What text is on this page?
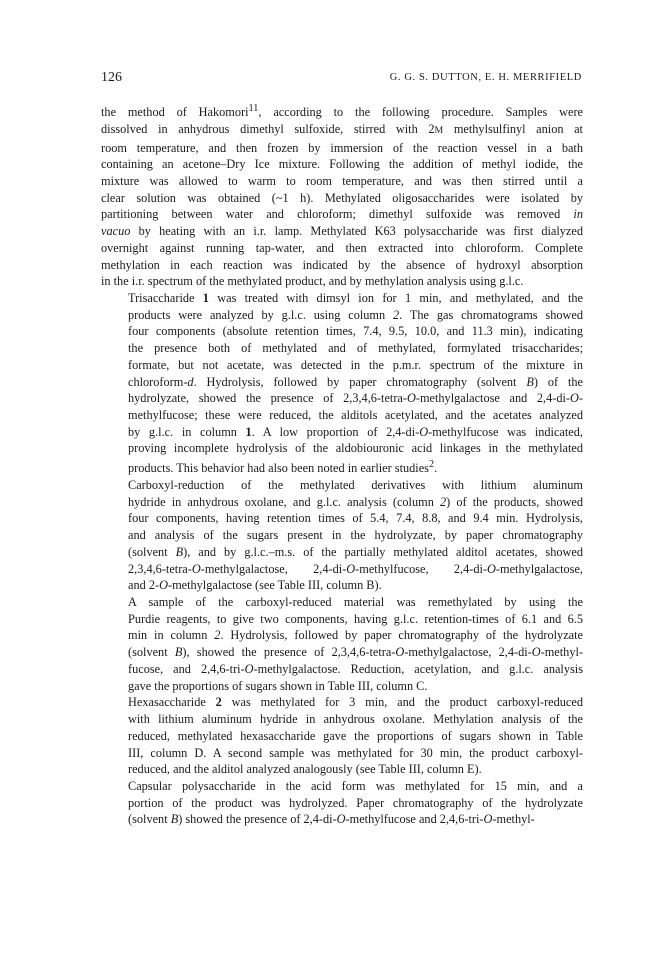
126	G. G. S. DUTTON, E. H. MERRIFIELD
the method of Hakomori$^{11}$, according to the following procedure. Samples were
dissolved in anhydrous dimethyl sulfoxide, stirred with 2M methylsulfinyl anion at
room temperature, and then frozen by immersion of the reaction vessel in a bath
containing an acetone–Dry Ice mixture. Following the addition of methyl iodide, the
mixture was allowed to warm to room temperature, and was then stirred until a
clear solution was obtained (~1 h). Methylated oligosaccharides were isolated by
partitioning between water and chloroform; dimethyl sulfoxide was removed in
vacuo by heating with an i.r. lamp. Methylated K63 polysaccharide was first dialyzed
overnight against running tap-water, and then extracted into chloroform. Complete
methylation in each reaction was indicated by the absence of hydroxyl absorption
in the i.r. spectrum of the methylated product, and by methylation analysis using g.l.c.
Trisaccharide 1 was treated with dimsyl ion for 1 min, and methylated, and the
products were analyzed by g.l.c. using column 2. The gas chromatograms showed
four components (absolute retention times, 7.4, 9.5, 10.0, and 11.3 min), indicating
the presence both of methylated and of methylated, formylated trisaccharides;
formate, but not acetate, was detected in the p.m.r. spectrum of the mixture in
chloroform-d. Hydrolysis, followed by paper chromatography (solvent B) of the
hydrolyzate, showed the presence of 2,3,4,6-tetra-O-methylgalactose and 2,4-di-O-
methylfucose; these were reduced, the alditols acetylated, and the acetates analyzed
by g.l.c. in column 1. A low proportion of 2,4-di-O-methylfucose was indicated,
proving incomplete hydrolysis of the aldobiouronic acid linkages in the methylated
products. This behavior had also been noted in earlier studies$^2$.
Carboxyl-reduction of the methylated derivatives with lithium aluminum
hydride in anhydrous oxolane, and g.l.c. analysis (column 2) of the products, showed
four components, having retention times of 5.4, 7.4, 8.8, and 9.4 min. Hydrolysis,
and analysis of the sugars present in the hydrolyzate, by paper chromatography
(solvent B), and by g.l.c.–m.s. of the partially methylated alditol acetates, showed
2,3,4,6-tetra-O-methylgalactose, 2,4-di-O-methylfucose, 2,4-di-O-methylgalactose,
and 2-O-methylgalactose (see Table III, column B).
A sample of the carboxyl-reduced material was remethylated by using the
Purdie reagents, to give two components, having g.l.c. retention-times of 6.1 and 6.5
min in column 2. Hydrolysis, followed by paper chromatography of the hydrolyzate
(solvent B), showed the presence of 2,3,4,6-tetra-O-methylgalactose, 2,4-di-O-methyl-
fucose, and 2,4,6-tri-O-methylgalactose. Reduction, acetylation, and g.l.c. analysis
gave the proportions of sugars shown in Table III, column C.
Hexasaccharide 2 was methylated for 3 min, and the product carboxyl-reduced
with lithium aluminum hydride in anhydrous oxolane. Methylation analysis of the
reduced, methylated hexasaccharide gave the proportions of sugars shown in Table
III, column D. A second sample was methylated for 30 min, the product carboxyl-
reduced, and the alditol analyzed analogously (see Table III, column E).
Capsular polysaccharide in the acid form was methylated for 15 min, and a
portion of the product was hydrolyzed. Paper chromatography of the hydrolyzate
(solvent B) showed the presence of 2,4-di-O-methylfucose and 2,4,6-tri-O-methyl-
